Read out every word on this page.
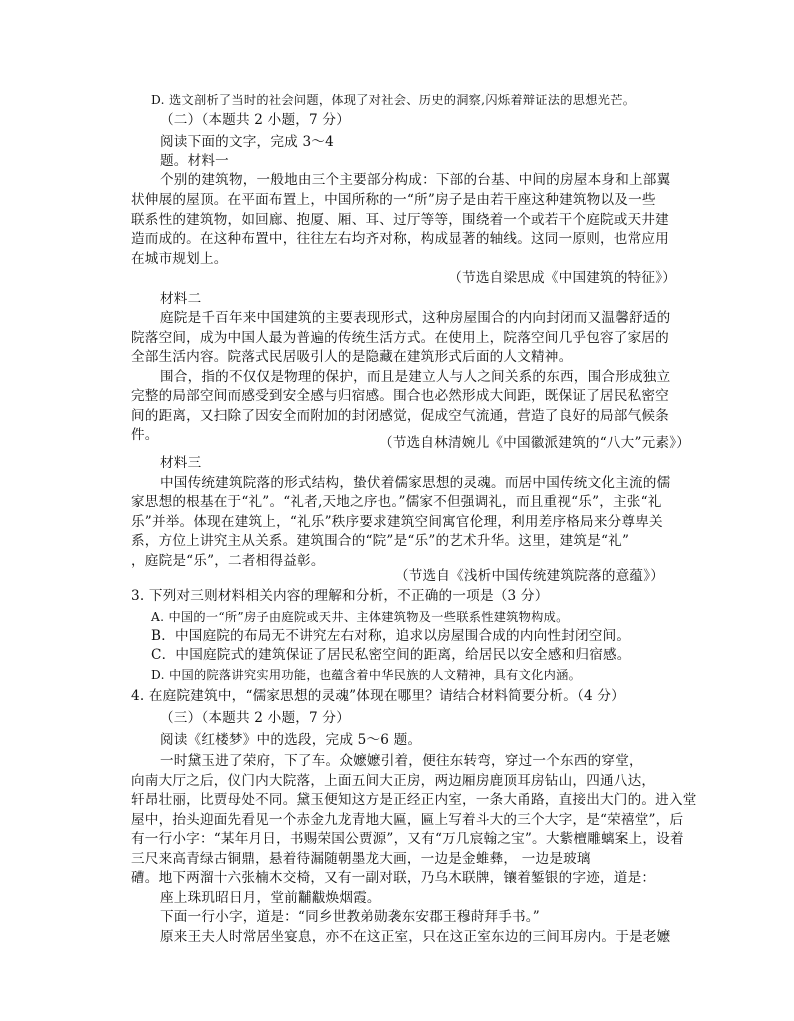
D. 选文剖析了当时的社会问题，体现了对社会、历史的洞察,闪烁着辩证法的思想光芒。
（二）（本题共 2 小题，7 分）
阅读下面的文字，完成 3～4
题。材料一
个别的建筑物，一般地由三个主要部分构成：下部的台基、中间的房屋本身和上部翼
状伸展的屋顶。在平面布置上，中国所称的一“所”房子是由若干座这种建筑物以及一些
联系性的建筑物，如回廊、抱厦、厢、耳、过厅等等，围绕着一个或若干个庭院或天井建
造而成的。在这种布置中，往往左右均齐对称，构成显著的轴线。这同一原则，也常应用
在城市规划上。
（节选自梁思成《中国建筑的特征》）
材料二
庭院是千百年来中国建筑的主要表现形式，这种房屋围合的内向封闭而又温馨舒适的
院落空间，成为中国人最为普遍的传统生活方式。在使用上，院落空间几乎包容了家居的
全部生活内容。院落式民居吸引人的是隐藏在建筑形式后面的人文精神。
围合，指的不仅仅是物理的保护，而且是建立人与人之间关系的东西，围合形成独立
完整的局部空间而感受到安全感与归宿感。围合也必然形成大间距，既保证了居民私密空
间的距离，又扫除了因安全而附加的封闭感觉，促成空气流通，营造了良好的局部气候条
件。	（节选自林清婉儿《中国徽派建筑的“八大”元素》）
材料三
中国传统建筑院落的形式结构，蛰伏着儒家思想的灵魂。而居中国传统文化主流的儒
家思想的根基在于“礼”。“礼者,天地之序也。”儒家不但强调礼，而且重视“乐”，主张“礼
乐”并举。体现在建筑上，“礼乐”秩序要求建筑空间寓官伦理，利用差序格局来分尊卑关
系，方位上讲究主从关系。建筑围合的“院”是“乐”的艺术升华。这里，建筑是“礼”
，庭院是“乐”，二者相得益彰。
（节选自《浅析中国传统建筑院落的意蕴》）
3. 下列对三则材料相关内容的理解和分析，不正确的一项是（3 分）
A. 中国的一“所”房子由庭院或天井、主体建筑物及一些联系性建筑物构成。
B．中国庭院的布局无不讲究左右对称，追求以房屋围合成的内向性封闭空间。
C．中国庭院式的建筑保证了居民私密空间的距离，给居民以安全感和归宿感。
D. 中国的院落讲究实用功能，也蕴含着中华民族的人文精神，具有文化内涵。
4. 在庭院建筑中，“儒家思想的灵魂”体现在哪里？请结合材料简要分析。（4 分）
（三）（本题共 2 小题，7 分）
阅读《红楼梦》中的选段，完成 5～6 题。
一时黛玉进了荣府，下了车。众嬷嬷引着，便往东转弯，穿过一个东西的穿堂，
向南大厅之后，仪门内大院落，上面五间大正房，两边厢房鹿顶耳房钻山，四通八达，
轩昂壮丽，比贾母处不同。黛玉便知这方是正经正内室，一条大甬路，直接出大门的。进入堂
屋中，抬头迎面先看见一个赤金九龙青地大匾，匾上写着斗大的三个大字，是“荣禧堂”，后
有一行小字：“某年月日，书赐荣国公贾源”，又有“万几宸翰之宝”。大紫檀雕螭案上，设着
三尺来高青绿古铜鼎，悬着待漏随朝墨龙大画，一边是金蜼彝， 一边是玻璃
𥕢。地下两溜十六张楠木交椅，又有一副对联，乃乌木联牌，镶着錾银的字迹，道是：
座上珠玑昭日月，堂前黼黻焕烟霞。
下面一行小字，道是：“同乡世教弟勋袭东安郡王穆莳拜手书。”
原来王夫人时常居坐宴息，亦不在这正室，只在这正室东边的三间耳房内。于是老嬷
